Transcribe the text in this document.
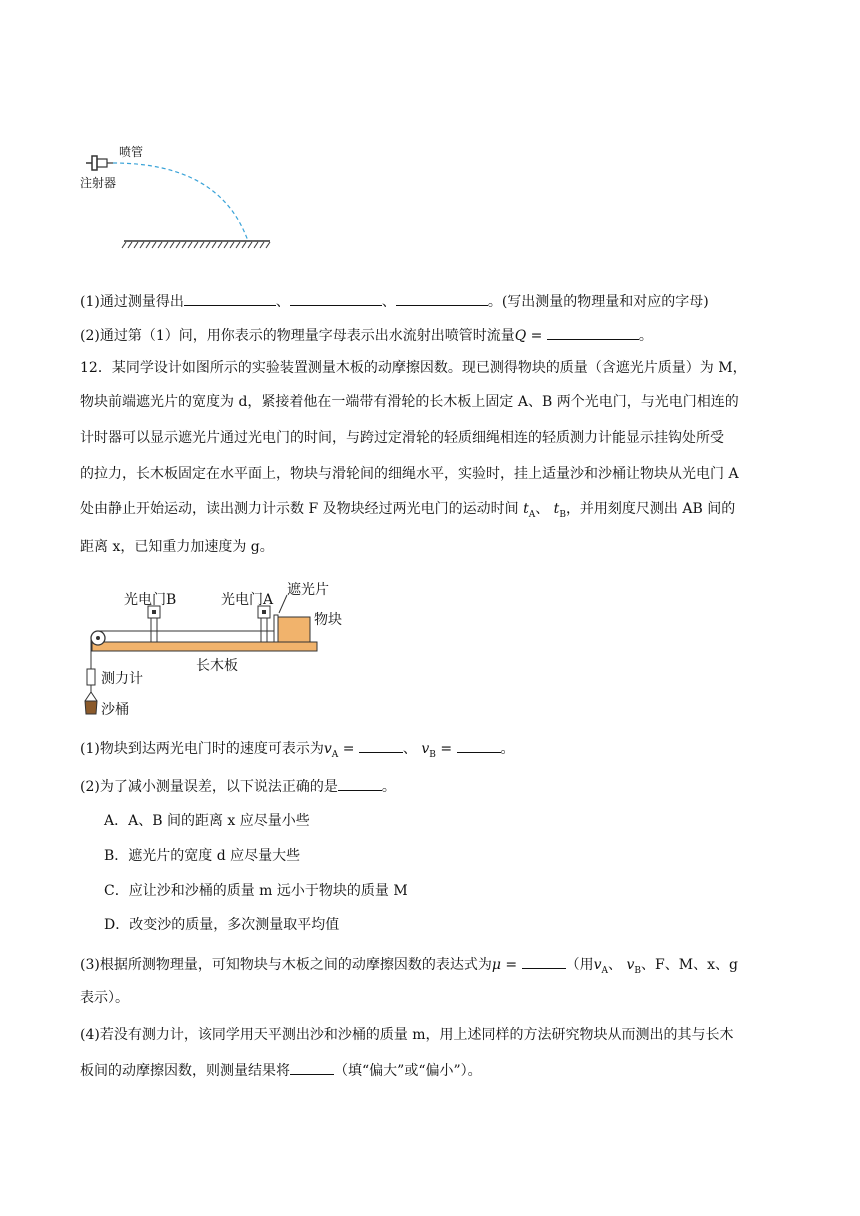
喷管
注射器
(1)通过测量得出	、	、	。(写出测量的物理量和对应的字母)
(2)通过第（1）问，用你表示的物理量字母表示出水流射出喷管时流量Q =	。
12．某同学设计如图所示的实验装置测量木板的动摩擦因数。现已测得物块的质量（含遮光片质量）为 M，
物块前端遮光片的宽度为 d，紧接着他在一端带有滑轮的长木板上固定 A、B 两个光电门，与光电门相连的
计时器可以显示遮光片通过光电门的时间，与跨过定滑轮的轻质细绳相连的轻质测力计能显示挂钩处所受
的拉力，长木板固定在水平面上，物块与滑轮间的细绳水平，实验时，挂上适量沙和沙桶让物块从光电门 A
处由静止开始运动，读出测力计示数 F 及物块经过两光电门的运动时间 $t_A$、 $t_B$，并用刻度尺测出 AB 间的
距离 x，已知重力加速度为 g。
光电门B	光电门A
遮光片
物块
长木板
测力计
沙桶
(1)物块到达两光电门时的速度可表示为$v_A$ =	、 $v_B$ =	。
(2)为了减小测量误差，以下说法正确的是	。
A．A、B 间的距离 x 应尽量小些
B．遮光片的宽度 d 应尽量大些
C．应让沙和沙桶的质量 m 远小于物块的质量 M
D．改变沙的质量，多次测量取平均值
(3)根据所测物理量，可知物块与木板之间的动摩擦因数的表达式为μ =	（用$v_A$、 $v_B$、F、M、x、g
表示）。
(4)若没有测力计，该同学用天平测出沙和沙桶的质量 m，用上述同样的方法研究物块从而测出的其与长木
板间的动摩擦因数，则测量结果将	（填“偏大”或“偏小”）。
